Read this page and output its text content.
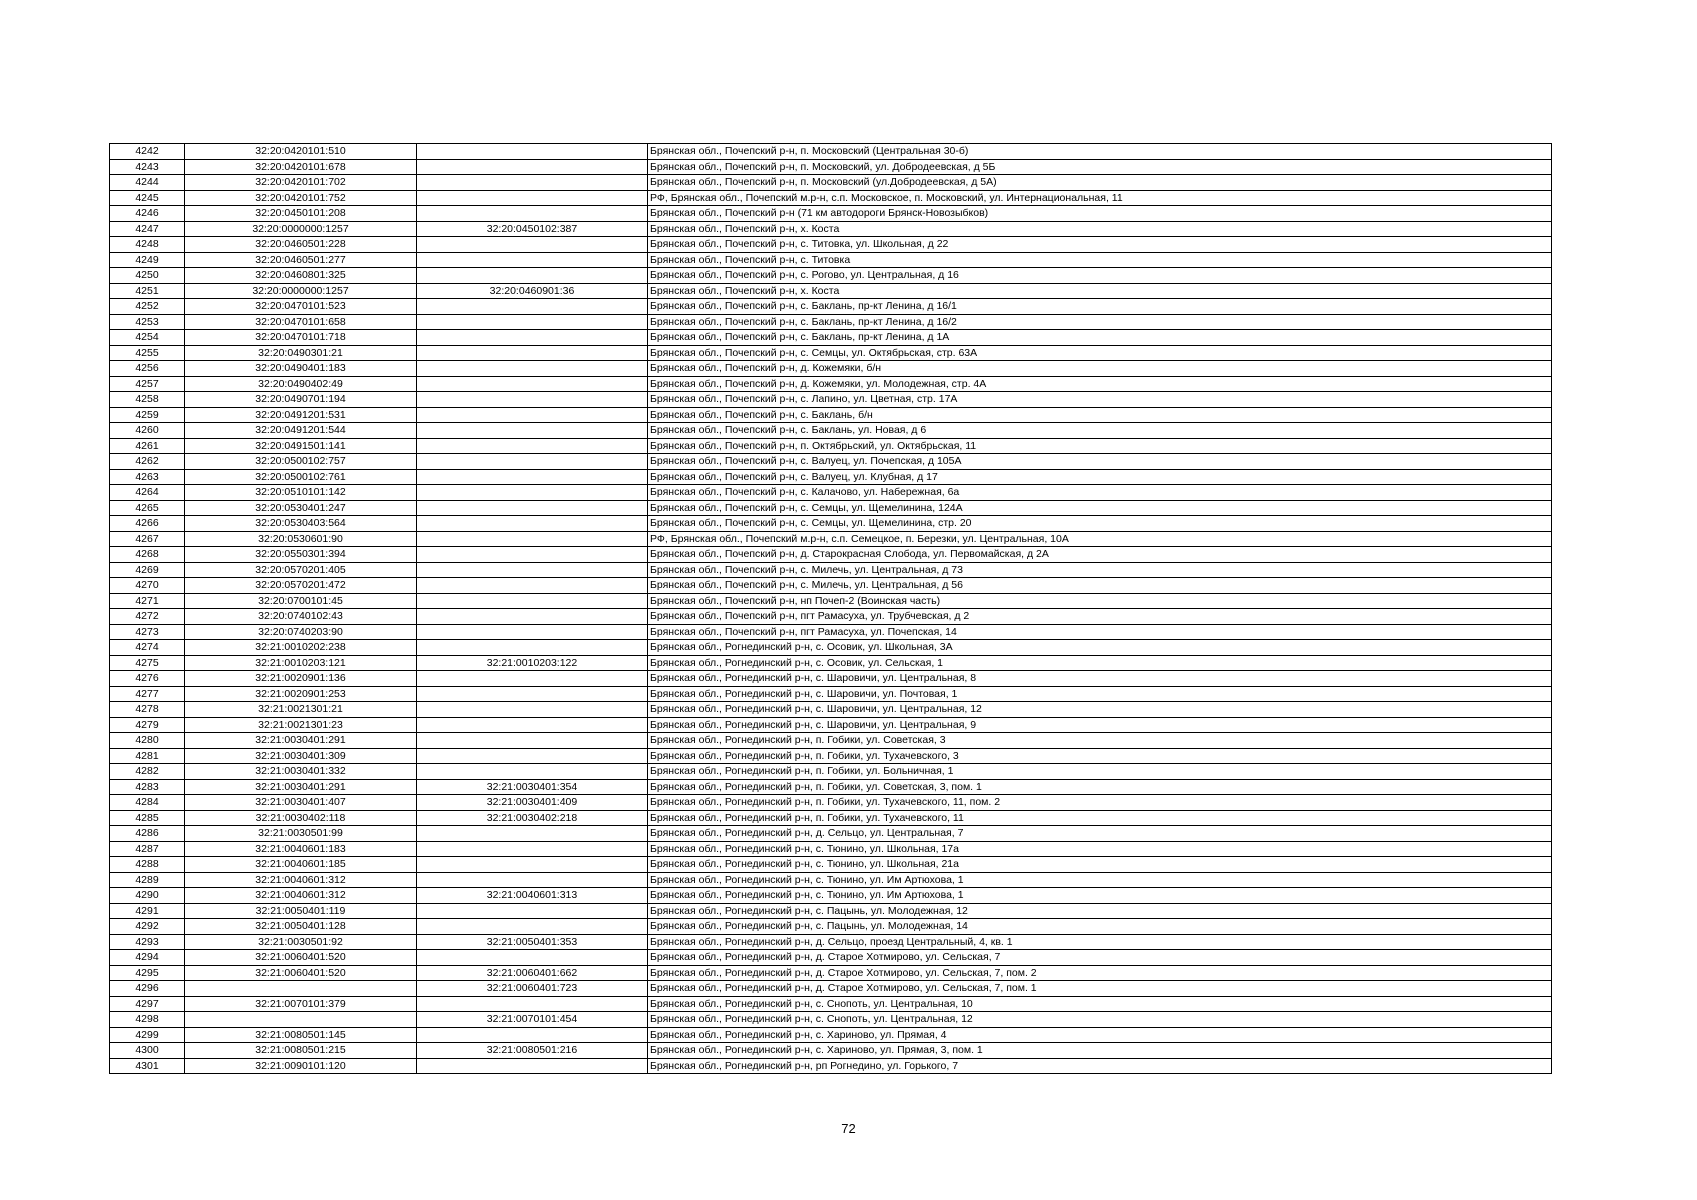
4242	32:20:0420101:510		Брянская обл., Почепский р-н, п. Московский (Центральная 30-б)
4243	32:20:0420101:678		Брянская обл., Почепский р-н, п. Московский, ул. Добродеевская, д 5Б
4244	32:20:0420101:702		Брянская обл., Почепский р-н, п. Московский (ул.Добродеевская, д 5А)
4245	32:20:0420101:752		РФ, Брянская обл., Почепский м.р-н, с.п. Московское, п. Московский, ул. Интернациональная, 11
4246	32:20:0450101:208		Брянская обл., Почепский р-н (71 км автодороги Брянск-Новозыбков)
4247	32:20:0000000:1257	32:20:0450102:387	Брянская обл., Почепский р-н, х. Коста
4248	32:20:0460501:228		Брянская обл., Почепский р-н, с. Титовка, ул. Школьная, д 22
4249	32:20:0460501:277		Брянская обл., Почепский р-н, с. Титовка
4250	32:20:0460801:325		Брянская обл., Почепский р-н, с. Рогово, ул. Центральная, д 16
4251	32:20:0000000:1257	32:20:0460901:36	Брянская обл., Почепский р-н, х. Коста
4252	32:20:0470101:523		Брянская обл., Почепский р-н, с. Баклань, пр-кт Ленина, д 16/1
4253	32:20:0470101:658		Брянская обл., Почепский р-н, с. Баклань, пр-кт Ленина, д 16/2
4254	32:20:0470101:718		Брянская обл., Почепский р-н, с. Баклань, пр-кт Ленина, д 1А
4255	32:20:0490301:21		Брянская обл., Почепский р-н, с. Семцы, ул. Октябрьская, стр. 63А
4256	32:20:0490401:183		Брянская обл., Почепский р-н, д. Кожемяки, б/н
4257	32:20:0490402:49		Брянская обл., Почепский р-н, д. Кожемяки, ул. Молодежная, стр. 4А
4258	32:20:0490701:194		Брянская обл., Почепский р-н, с. Лапино, ул. Цветная, стр. 17А
4259	32:20:0491201:531		Брянская обл., Почепский р-н, с. Баклань, б/н
4260	32:20:0491201:544		Брянская обл., Почепский р-н, с. Баклань, ул. Новая, д 6
4261	32:20:0491501:141		Брянская обл., Почепский р-н, п. Октябрьский, ул. Октябрьская, 11
4262	32:20:0500102:757		Брянская обл., Почепский р-н, с. Валуец, ул. Почепская, д 105А
4263	32:20:0500102:761		Брянская обл., Почепский р-н, с. Валуец, ул. Клубная, д 17
4264	32:20:0510101:142		Брянская обл., Почепский р-н, с. Калачово, ул. Набережная, 6а
4265	32:20:0530401:247		Брянская обл., Почепский р-н, с. Семцы, ул. Щемелинина, 124А
4266	32:20:0530403:564		Брянская обл., Почепский р-н, с. Семцы, ул. Щемелинина, стр. 20
4267	32:20:0530601:90		РФ, Брянская обл., Почепский м.р-н, с.п. Семецкое, п. Березки, ул. Центральная, 10А
4268	32:20:0550301:394		Брянская обл., Почепский р-н, д. Старокрасная Слобода, ул. Первомайская, д 2А
4269	32:20:0570201:405		Брянская обл., Почепский р-н, с. Милечь, ул. Центральная, д 73
4270	32:20:0570201:472		Брянская обл., Почепский р-н, с. Милечь, ул. Центральная, д 56
4271	32:20:0700101:45		Брянская обл., Почепский р-н, нп Почеп-2 (Воинская часть)
4272	32:20:0740102:43		Брянская обл., Почепский р-н, пгт Рамасуха, ул. Трубчевская, д 2
4273	32:20:0740203:90		Брянская обл., Почепский р-н, пгт Рамасуха, ул. Почепская, 14
4274	32:21:0010202:238		Брянская обл., Рогнединский р-н, с. Осовик, ул. Школьная, 3А
4275	32:21:0010203:121	32:21:0010203:122	Брянская обл., Рогнединский р-н, с. Осовик, ул. Сельская, 1
4276	32:21:0020901:136		Брянская обл., Рогнединский р-н, с. Шаровичи, ул. Центральная, 8
4277	32:21:0020901:253		Брянская обл., Рогнединский р-н, с. Шаровичи, ул. Почтовая, 1
4278	32:21:0021301:21		Брянская обл., Рогнединский р-н, с. Шаровичи, ул. Центральная, 12
4279	32:21:0021301:23		Брянская обл., Рогнединский р-н, с. Шаровичи, ул. Центральная, 9
4280	32:21:0030401:291		Брянская обл., Рогнединский р-н, п. Гобики, ул. Советская, 3
4281	32:21:0030401:309		Брянская обл., Рогнединский р-н, п. Гобики, ул. Тухачевского, 3
4282	32:21:0030401:332		Брянская обл., Рогнединский р-н, п. Гобики, ул. Больничная, 1
4283	32:21:0030401:291	32:21:0030401:354	Брянская обл., Рогнединский р-н, п. Гобики, ул. Советская, 3, пом. 1
4284	32:21:0030401:407	32:21:0030401:409	Брянская обл., Рогнединский р-н, п. Гобики, ул. Тухачевского, 11, пом. 2
4285	32:21:0030402:118	32:21:0030402:218	Брянская обл., Рогнединский р-н, п. Гобики, ул. Тухачевского, 11
4286	32:21:0030501:99		Брянская обл., Рогнединский р-н, д. Сельцо, ул. Центральная, 7
4287	32:21:0040601:183		Брянская обл., Рогнединский р-н, с. Тюнино, ул. Школьная, 17а
4288	32:21:0040601:185		Брянская обл., Рогнединский р-н, с. Тюнино, ул. Школьная, 21а
4289	32:21:0040601:312		Брянская обл., Рогнединский р-н, с. Тюнино, ул. Им Артюхова, 1
4290	32:21:0040601:312	32:21:0040601:313	Брянская обл., Рогнединский р-н, с. Тюнино, ул. Им Артюхова, 1
4291	32:21:0050401:119		Брянская обл., Рогнединский р-н, с. Пацынь, ул. Молодежная, 12
4292	32:21:0050401:128		Брянская обл., Рогнединский р-н, с. Пацынь, ул. Молодежная, 14
4293	32:21:0030501:92	32:21:0050401:353	Брянская обл., Рогнединский р-н, д. Сельцо, проезд Центральный, 4, кв. 1
4294	32:21:0060401:520		Брянская обл., Рогнединский р-н, д. Старое Хотмирово, ул. Сельская, 7
4295	32:21:0060401:520	32:21:0060401:662	Брянская обл., Рогнединский р-н, д. Старое Хотмирово, ул. Сельская, 7, пом. 2
4296		32:21:0060401:723	Брянская обл., Рогнединский р-н, д. Старое Хотмирово, ул. Сельская, 7, пом. 1
4297	32:21:0070101:379		Брянская обл., Рогнединский р-н, с. Снопоть, ул. Центральная, 10
4298		32:21:0070101:454	Брянская обл., Рогнединский р-н, с. Снопоть, ул. Центральная, 12
4299	32:21:0080501:145		Брянская обл., Рогнединский р-н, с. Хариново, ул. Прямая, 4
4300	32:21:0080501:215	32:21:0080501:216	Брянская обл., Рогнединский р-н, с. Хариново, ул. Прямая, 3, пом. 1
4301	32:21:0090101:120		Брянская обл., Рогнединский р-н, рп Рогнедино, ул. Горького, 7
72
